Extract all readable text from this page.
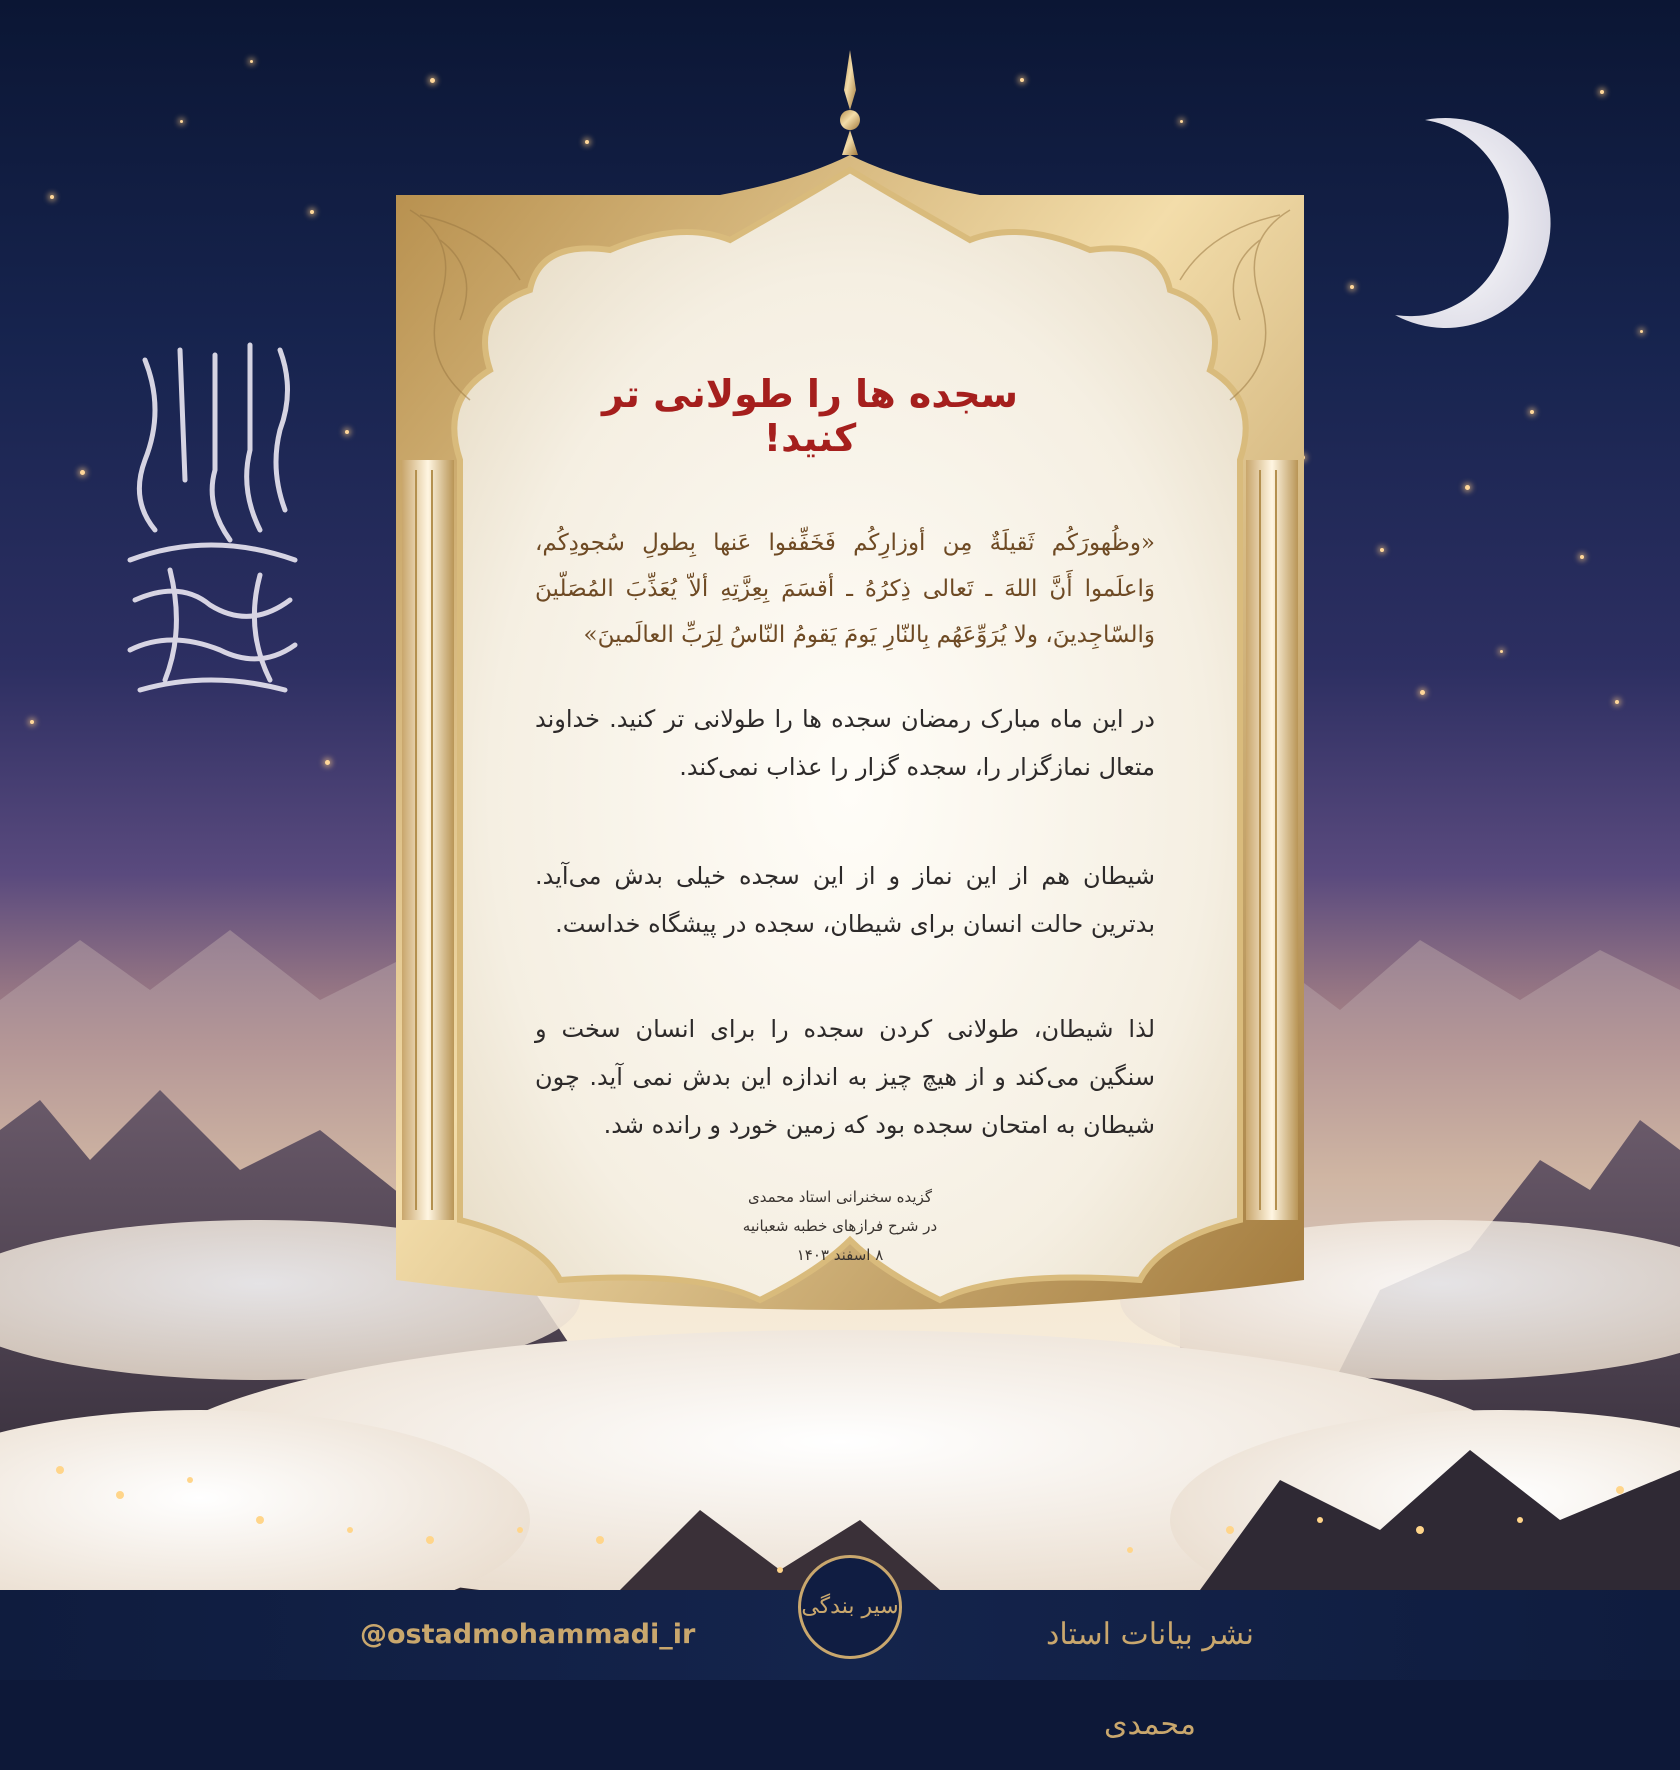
سجده ها را طولانی تر کنید!
«وظُهورَکُم ثَقيلَةٌ مِن أوزارِکُم فَخَفِّفوا عَنها بِطولِ سُجودِکُم، وَاعلَموا أَنَّ اللهَ ـ تَعالى ذِکرُهُ ـ أقسَمَ بِعِزَّتِهِ ألاّ يُعَذِّبَ المُصَلّينَ وَالسّاجِدينَ، ولا يُرَوِّعَهُم بِالنّارِ يَومَ يَقومُ النّاسُ لِرَبِّ العالَمينَ»
در این ماه مبارک رمضان سجده ها را طولانی تر کنید. خداوند متعال نمازگزار را، سجده گزار را عذاب نمی‌کند.
شیطان هم از این نماز و از این سجده خیلی بدش می‌آید. بدترین حالت انسان برای شیطان، سجده در پیشگاه خداست.
لذا شیطان، طولانی کردن سجده را برای انسان سخت و سنگین می‌کند و از هیچ چیز به اندازه این بدش نمی آید. چون شیطان به امتحان سجده بود که زمین خورد و رانده شد.
گزیده سخنرانی استاد محمدی
در شرح فرازهای خطبه شعبانیه
۸ اسفند ۱۴۰۳
@ostadmohammadi_ir
سیر بندگی
نشر بیانات استاد محمدی
